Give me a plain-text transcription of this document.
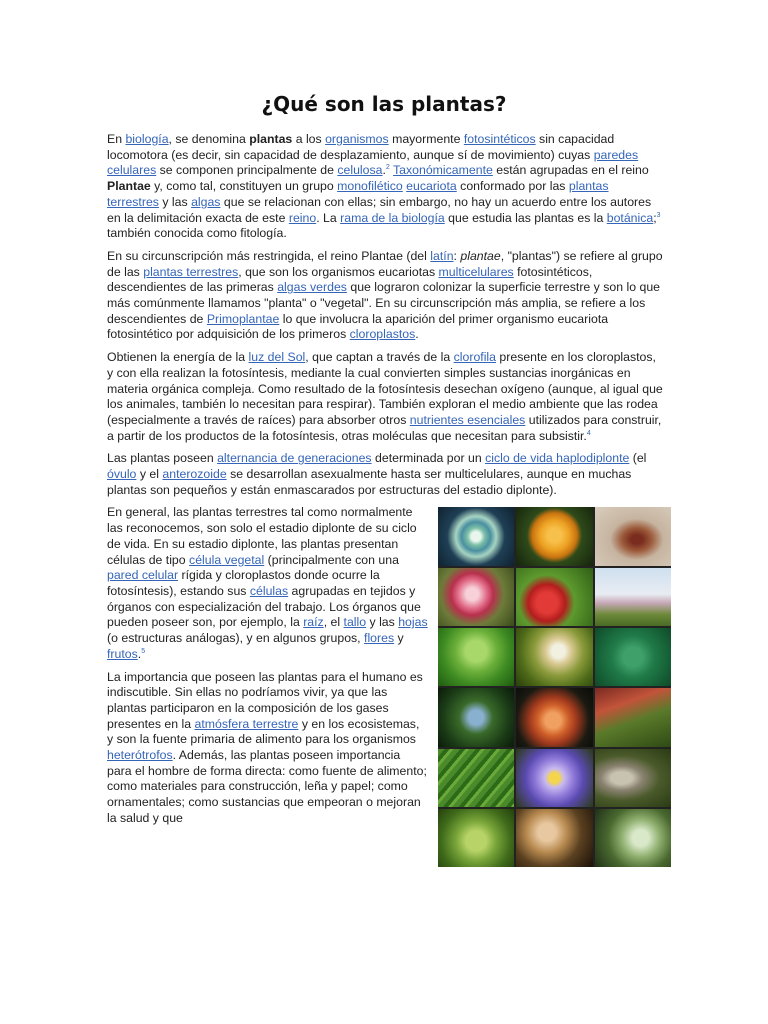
¿Qué son las plantas?

En biología, se denomina plantas a los organismos mayormente fotosintéticos sin capacidad locomotora (es decir, sin capacidad de desplazamiento, aunque sí de movimiento) cuyas paredes celulares se componen principalmente de celulosa.$^2$ Taxonómicamente están agrupadas en el reino Plantae y, como tal, constituyen un grupo monofilético eucariota conformado por las plantas terrestres y las algas que se relacionan con ellas; sin embargo, no hay un acuerdo entre los autores en la delimitación exacta de este reino. La rama de la biología que estudia las plantas es la botánica;$^3$ también conocida como fitología.

En su circunscripción más restringida, el reino Plantae (del latín: plantae, "plantas") se refiere al grupo de las plantas terrestres, que son los organismos eucariotas multicelulares fotosintéticos, descendientes de las primeras algas verdes que lograron colonizar la superficie terrestre y son lo que más comúnmente llamamos "planta" o "vegetal". En su circunscripción más amplia, se refiere a los descendientes de Primoplantae lo que involucra la aparición del primer organismo eucariota fotosintético por adquisición de los primeros cloroplastos.

Obtienen la energía de la luz del Sol, que captan a través de la clorofila presente en los cloroplastos, y con ella realizan la fotosíntesis, mediante la cual convierten simples sustancias inorgánicas en materia orgánica compleja. Como resultado de la fotosíntesis desechan oxígeno (aunque, al igual que los animales, también lo necesitan para respirar). También exploran el medio ambiente que las rodea (especialmente a través de raíces) para absorber otros nutrientes esenciales utilizados para construir, a partir de los productos de la fotosíntesis, otras moléculas que necesitan para subsistir.$^4$

Las plantas poseen alternancia de generaciones determinada por un ciclo de vida haplodiplonte (el óvulo y el anterozoide se desarrollan asexualmente hasta ser multicelulares, aunque en muchas plantas son pequeños y están enmascarados por estructuras del estadio diplonte).

En general, las plantas terrestres tal como normalmente las reconocemos, son solo el estadio diplonte de su ciclo de vida. En su estadio diplonte, las plantas presentan células de tipo célula vegetal (principalmente con una pared celular rígida y cloroplastos donde ocurre la fotosíntesis), estando sus células agrupadas en tejidos y órganos con especialización del trabajo. Los órganos que pueden poseer son, por ejemplo, la raíz, el tallo y las hojas (o estructuras análogas), y en algunos grupos, flores y frutos.$^5$

La importancia que poseen las plantas para el humano es indiscutible. Sin ellas no podríamos vivir, ya que las plantas participaron en la composición de los gases presentes en la atmósfera terrestre y en los ecosistemas, y son la fuente primaria de alimento para los organismos heterótrofos. Además, las plantas poseen importancia para el hombre de forma directa: como fuente de alimento; como materiales para construcción, leña y papel; como ornamentales; como sustancias que empeoran o mejoran la salud y que
